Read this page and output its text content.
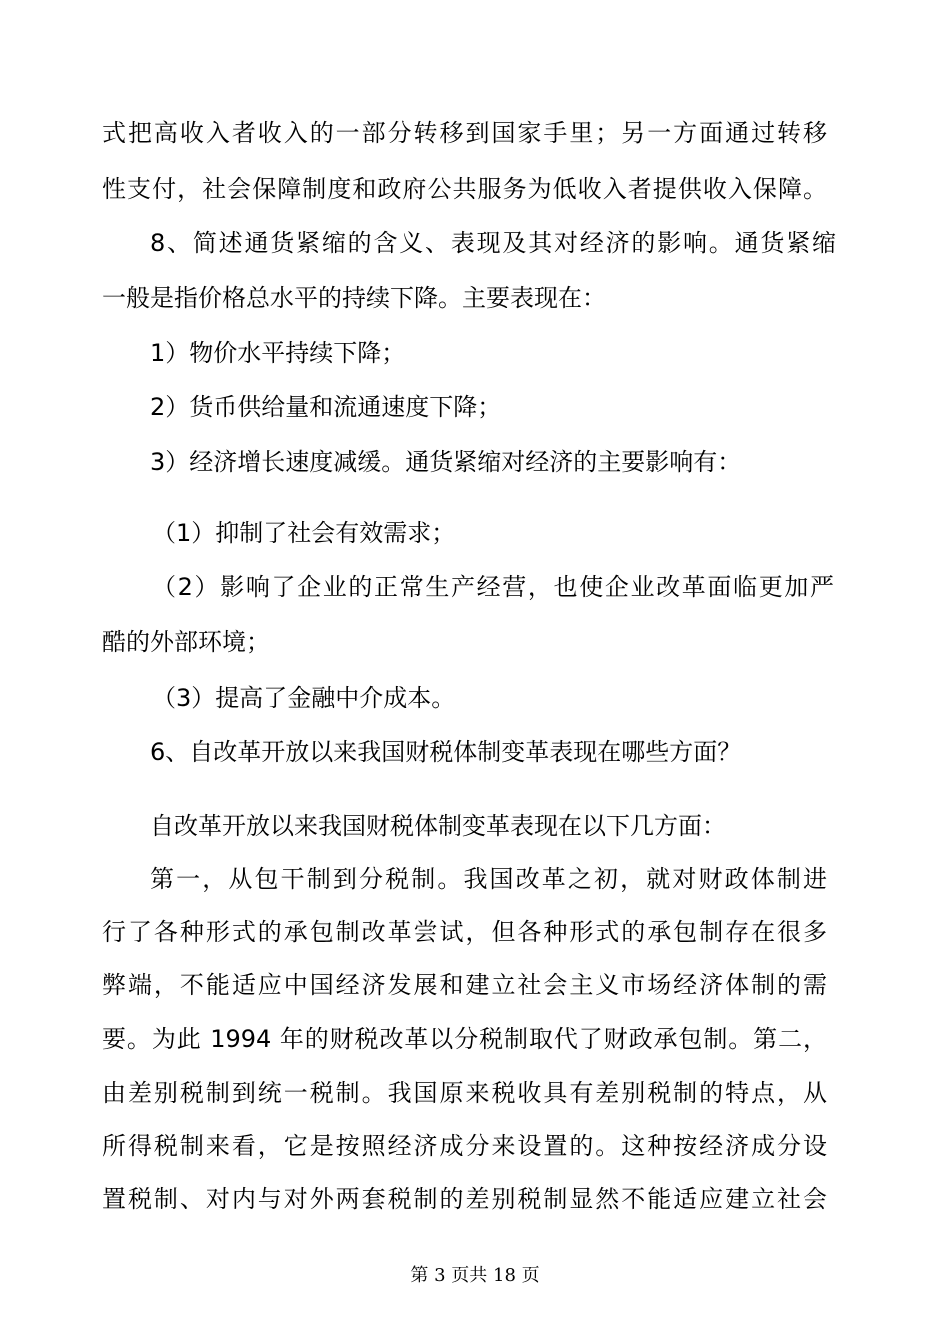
式把高收入者收入的一部分转移到国家手里；另一方面通过转移
性支付，社会保障制度和政府公共服务为低收入者提供收入保障。
8、简述通货紧缩的含义、表现及其对经济的影响。通货紧缩
一般是指价格总水平的持续下降。主要表现在：
1）物价水平持续下降；
2）货币供给量和流通速度下降；
3）经济增长速度减缓。通货紧缩对经济的主要影响有：
（1）抑制了社会有效需求；
（2）影响了企业的正常生产经营，也使企业改革面临更加严
酷的外部环境；
（3）提高了金融中介成本。
6、自改革开放以来我国财税体制变革表现在哪些方面？
自改革开放以来我国财税体制变革表现在以下几方面：
第一，从包干制到分税制。我国改革之初，就对财政体制进
行了各种形式的承包制改革尝试，但各种形式的承包制存在很多
弊端，不能适应中国经济发展和建立社会主义市场经济体制的需
要。为此 1994 年的财税改革以分税制取代了财政承包制。第二，
由差别税制到统一税制。我国原来税收具有差别税制的特点，从
所得税制来看，它是按照经济成分来设置的。这种按经济成分设
置税制、对内与对外两套税制的差别税制显然不能适应建立社会
第 3 页共 18 页
